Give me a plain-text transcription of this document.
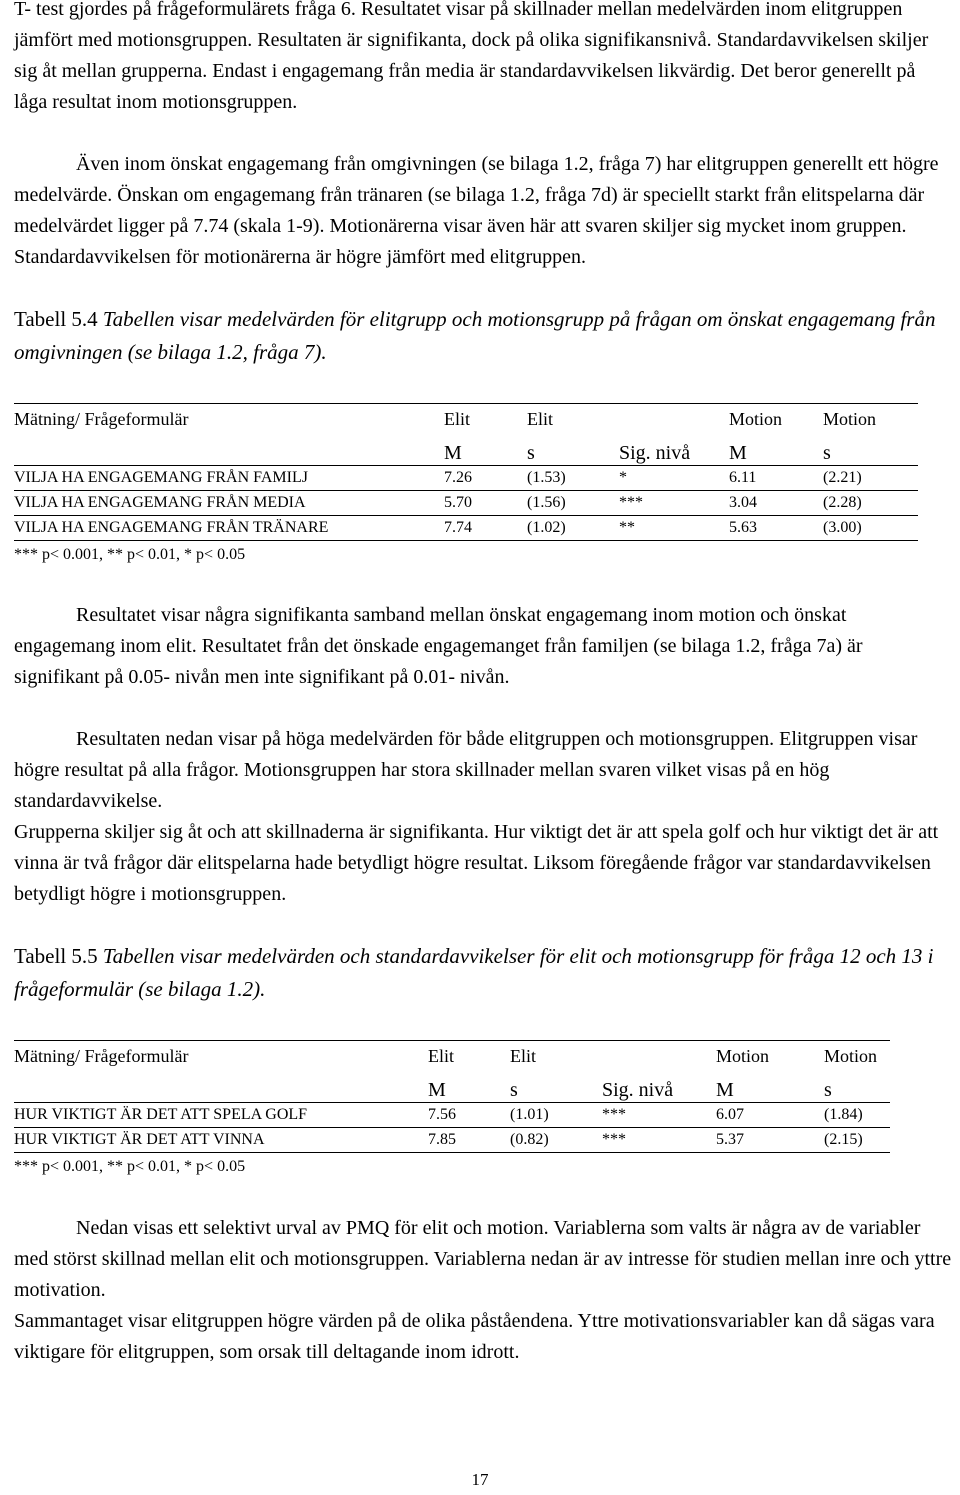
T- test gjordes på frågeformulärets fråga 6. Resultatet visar på skillnader mellan medelvärden inom elitgruppen jämfört med motionsgruppen. Resultaten är signifikanta, dock på olika signifikansnivå. Standardavvikelsen skiljer sig åt mellan grupperna. Endast i engagemang från media är standardavvikelsen likvärdig. Det beror generellt på låga resultat inom motionsgruppen.

Även inom önskat engagemang från omgivningen (se bilaga 1.2, fråga 7) har elitgruppen generellt ett högre medelvärde. Önskan om engagemang från tränaren (se bilaga 1.2, fråga 7d) är speciellt starkt från elitspelarna där medelvärdet ligger på 7.74 (skala 1-9). Motionärerna visar även här att svaren skiljer sig mycket inom gruppen. Standardavvikelsen för motionärerna är högre jämfört med elitgruppen.

Tabell 5.4 Tabellen visar medelvärden för elitgrupp och motionsgrupp på frågan om önskat engagemang från omgivningen (se bilaga 1.2, fråga 7).

Mätning/ Frågeformulär	Elit	Elit		Motion	Motion
	M	s	Sig. nivå	M	s
VILJA HA ENGAGEMANG FRÅN FAMILJ	7.26	(1.53)	*	6.11	(2.21)
VILJA HA ENGAGEMANG FRÅN MEDIA	5.70	(1.56)	***	3.04	(2.28)
VILJA HA ENGAGEMANG FRÅN TRÄNARE	7.74	(1.02)	**	5.63	(3.00)

*** p< 0.001, ** p< 0.01, * p< 0.05

Resultatet visar några signifikanta samband mellan önskat engagemang inom motion och önskat engagemang inom elit. Resultatet från det önskade engagemanget från familjen (se bilaga 1.2, fråga 7a) är signifikant på 0.05- nivån men inte signifikant på 0.01- nivån.

Resultaten nedan visar på höga medelvärden för både elitgruppen och motionsgruppen. Elitgruppen visar högre resultat på alla frågor. Motionsgruppen har stora skillnader mellan svaren vilket visas på en hög standardavvikelse.

Grupperna skiljer sig åt och att skillnaderna är signifikanta. Hur viktigt det är att spela golf och hur viktigt det är att vinna är två frågor där elitspelarna hade betydligt högre resultat. Liksom föregående frågor var standardavvikelsen betydligt högre i motionsgruppen.

Tabell 5.5 Tabellen visar medelvärden och standardavvikelser för elit och motionsgrupp för fråga 12 och 13 i frågeformulär (se bilaga 1.2).

Mätning/ Frågeformulär	Elit	Elit		Motion	Motion
	M	s	Sig. nivå	M	s
HUR VIKTIGT ÄR DET ATT SPELA GOLF	7.56	(1.01)	***	6.07	(1.84)
HUR VIKTIGT ÄR DET ATT VINNA	7.85	(0.82)	***	5.37	(2.15)

*** p< 0.001, ** p< 0.01, * p< 0.05

Nedan visas ett selektivt urval av PMQ för elit och motion. Variablerna som valts är några av de variabler med störst skillnad mellan elit och motionsgruppen. Variablerna nedan är av intresse för studien mellan inre och yttre motivation.

Sammantaget visar elitgruppen högre värden på de olika påståendena. Yttre motivationsvariabler kan då sägas vara viktigare för elitgruppen, som orsak till deltagande inom idrott.

17
